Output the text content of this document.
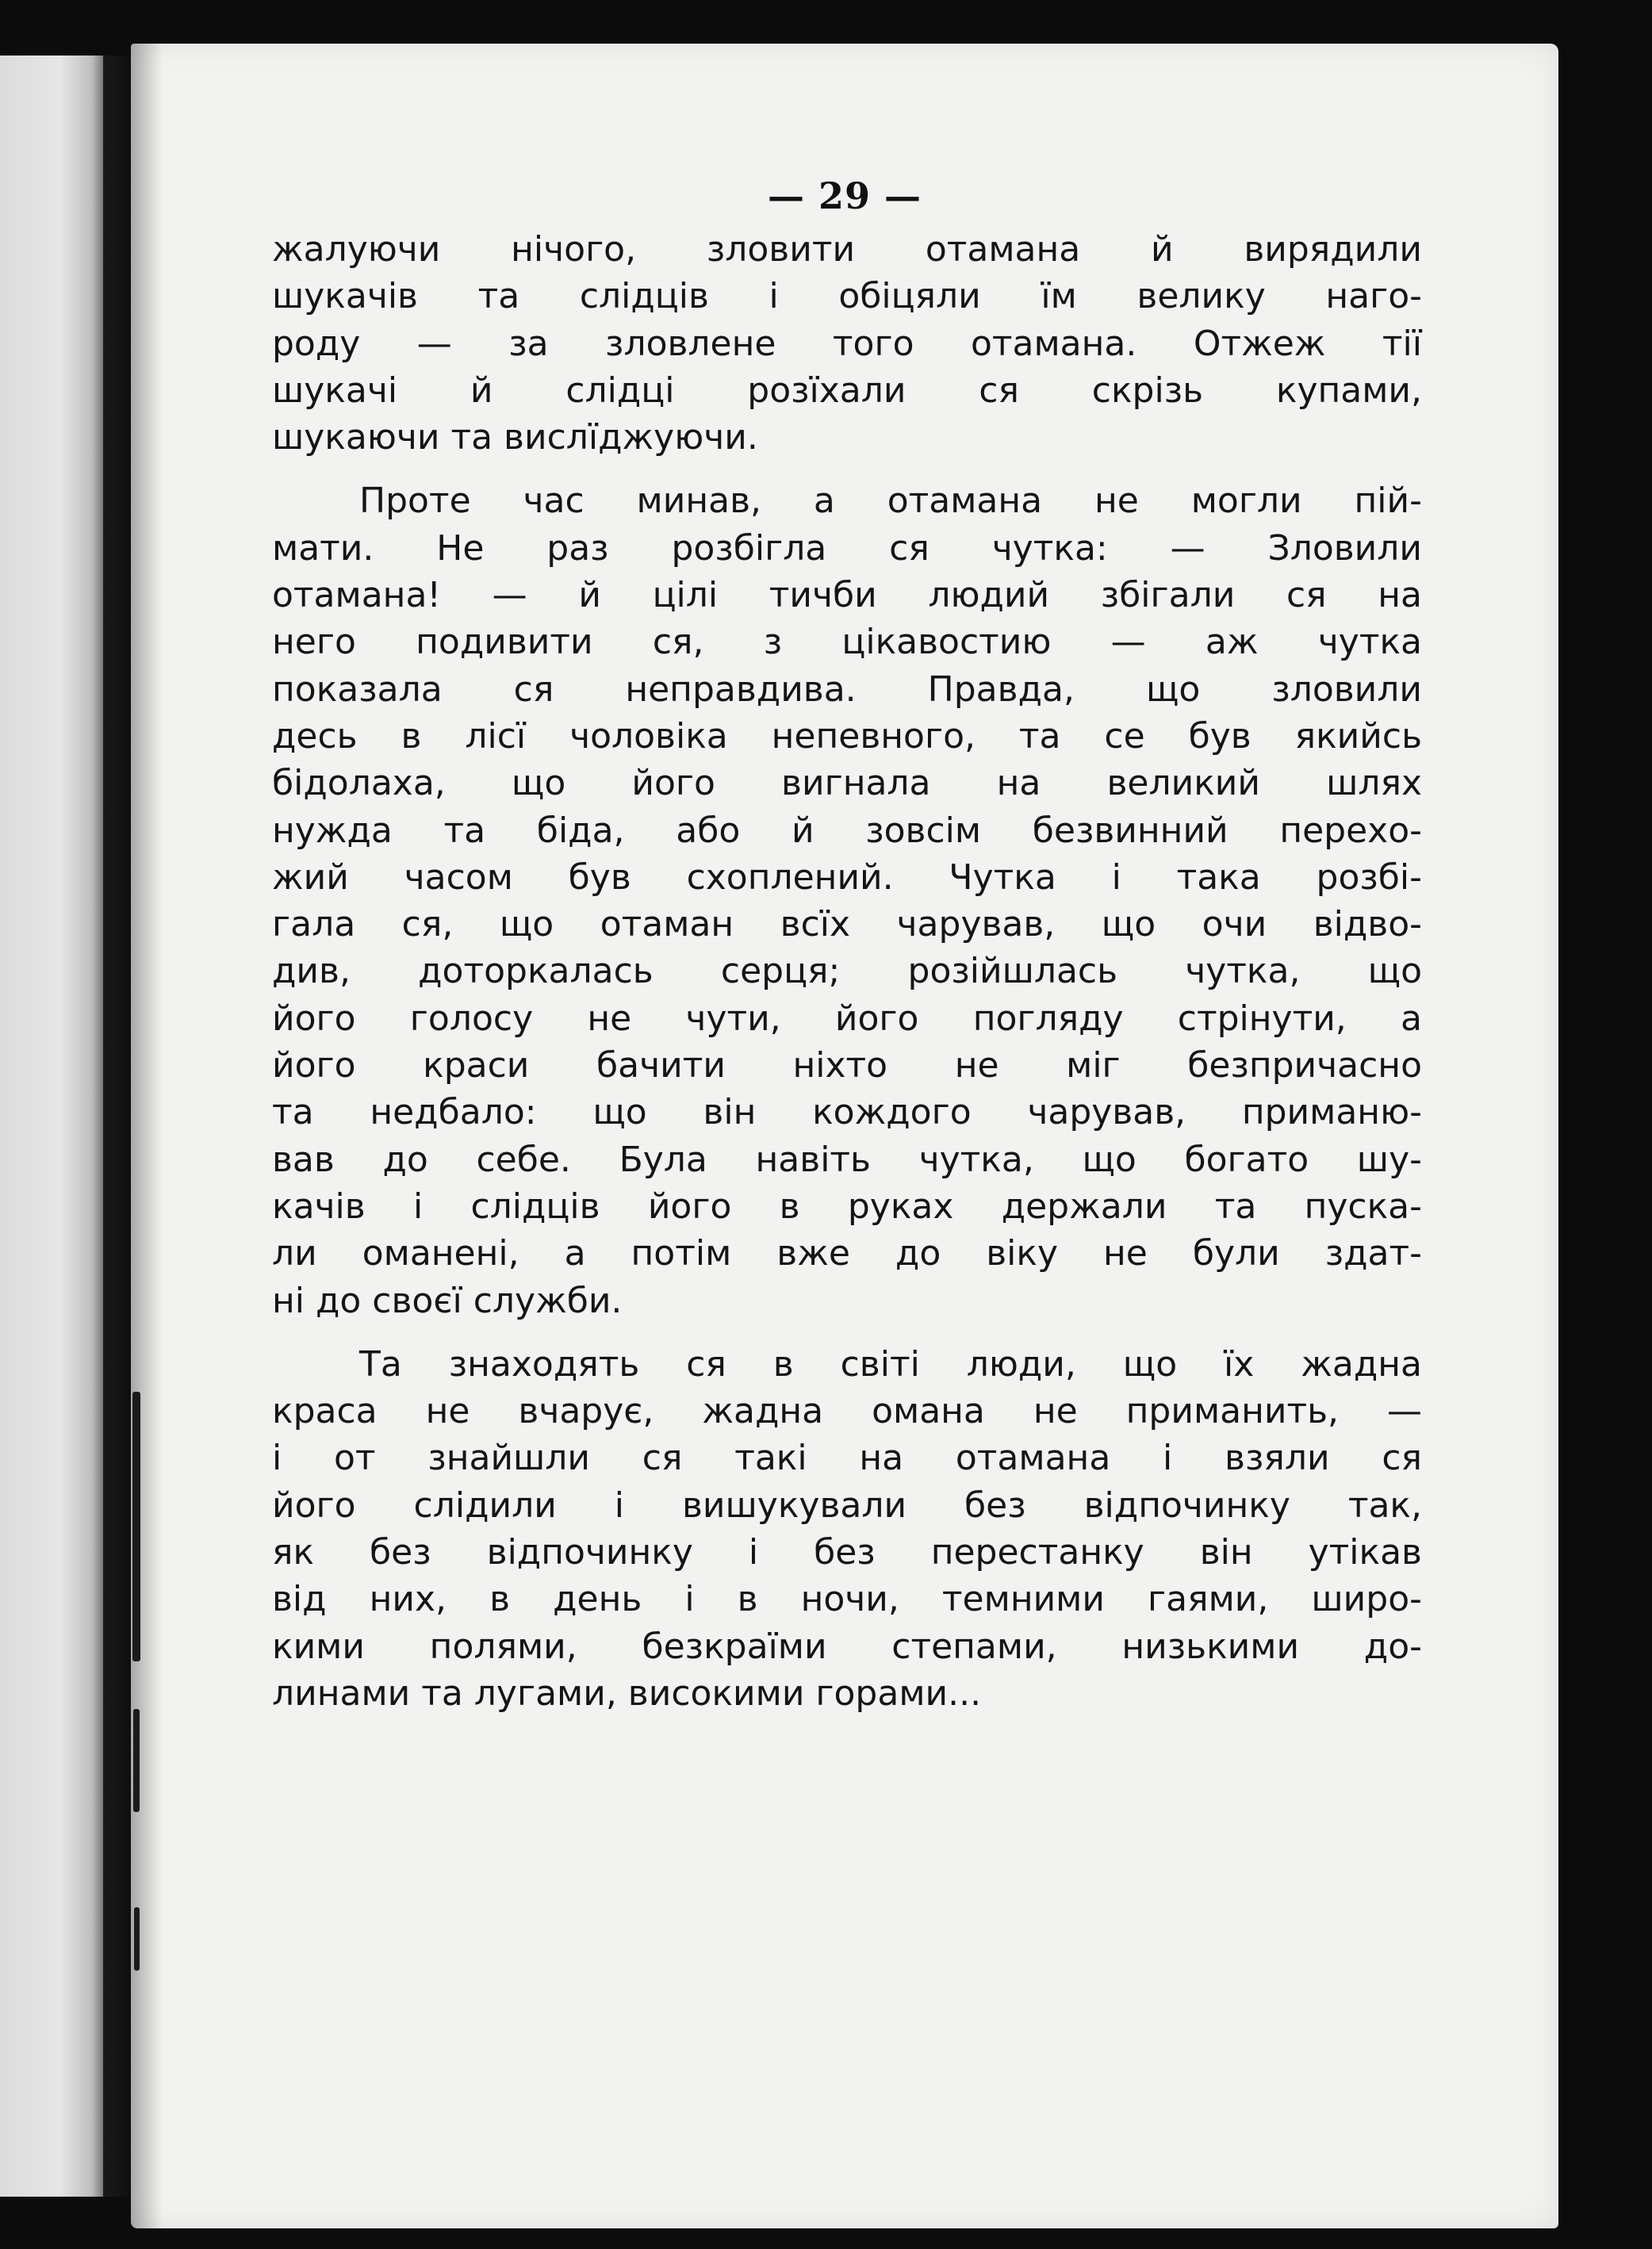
— 29 —
жалуючи нічого, зловити отамана й вирядили
шукачів та слідців і обіцяли їм велику наго-
роду — за зловлене того отамана. Отжеж тії
шукачі й слідці розїхали ся скрізь купами,
шукаючи та вислїджуючи.
Проте час минав, а отамана не могли пій-
мати. Не раз розбігла ся чутка: — Зловили
отамана! — й цілі тичби людий збігали ся на
него подивити ся, з цікавостию — аж чутка
показала ся неправдива. Правда, що зловили
десь в лісї чоловіка непевного, та се був якийсь
бідолаха, що його вигнала на великий шлях
нужда та біда, або й зовсім безвинний перехо-
жий часом був схоплений. Чутка і така розбі-
гала ся, що отаман всїх чарував, що очи відво-
див, доторкалась серця; розійшлась чутка, що
його голосу не чути, його погляду стрінути, а
його краси бачити ніхто не міг безпричасно
та недбало: що він кождого чарував, приманю-
вав до себе. Була навіть чутка, що богато шу-
качів і слідців його в руках держали та пуска-
ли оманені, а потім вже до віку не були здат-
ні до своєї служби.
Та знаходять ся в світі люди, що їх жадна
краса не вчарує, жадна омана не приманить, —
і от знайшли ся такі на отамана і взяли ся
його слідили і вишукували без відпочинку так,
як без відпочинку і без перестанку він утікав
від них, в день і в ночи, темними гаями, широ-
кими полями, безкраїми степами, низькими до-
линами та лугами, високими горами...
